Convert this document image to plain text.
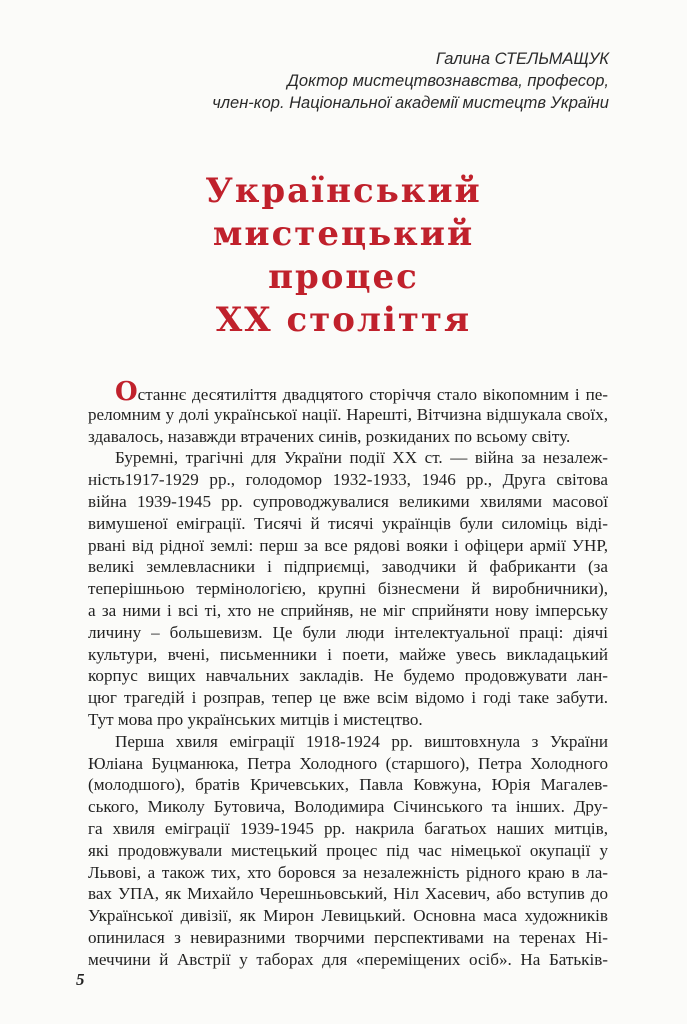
Галина СТЕЛЬМАЩУК
Доктор мистецтвознавства, професор,
член-кор. Національної академії мистецтв України
Український
мистецький
процес
XX століття
Останнє десятиліття двадцятого сторіччя стало вікопомним і пе-
реломним у долі української нації. Нарешті, Вітчизна відшукала своїх,
здавалось, назавжди втрачених синів, розкиданих по всьому світу.
Буремні, трагічні для України події XX ст. — війна за незалеж-
ність1917-1929 рр., голодомор 1932-1933, 1946 рр., Друга світова
війна 1939-1945 рр. супроводжувалися великими хвилями масової
вимушеної еміграції. Тисячі й тисячі українців були силоміць віді-
рвані від рідної землі: перш за все рядові вояки і офіцери армії УНР,
великі землевласники і підприємці, заводчики й фабриканти (за
теперішньою термінологією, крупні бізнесмени й виробничники),
а за ними і всі ті, хто не сприйняв, не міг сприйняти нову імперську
личину – большевизм. Це були люди інтелектуальної праці: діячі
культури, вчені, письменники і поети, майже увесь викладацький
корпус вищих навчальних закладів. Не будемо продовжувати лан-
цюг трагедій і розправ, тепер це вже всім відомо і годі таке забути.
Тут мова про українських митців і мистецтво.
Перша хвиля еміграції 1918-1924 рр. виштовхнула з України
Юліана Буцманюка, Петра Холодного (старшого), Петра Холодного
(молодшого), братів Кричевських, Павла Ковжуна, Юрія Магалев-
ського, Миколу Бутовича, Володимира Січинського та інших. Дру-
га хвиля еміграції 1939-1945 рр. накрила багатьох наших митців,
які продовжували мистецький процес під час німецької окупації у
Львові, а також тих, хто боровся за незалежність рідного краю в ла-
вах УПА, як Михайло Черешньовський, Ніл Хасевич, або вступив до
Української дивізії, як Мирон Левицький. Основна маса художників
опинилася з невиразними творчими перспективами на теренах Ні-
меччини й Австрії у таборах для «переміщених осіб». На Батьків-
5
